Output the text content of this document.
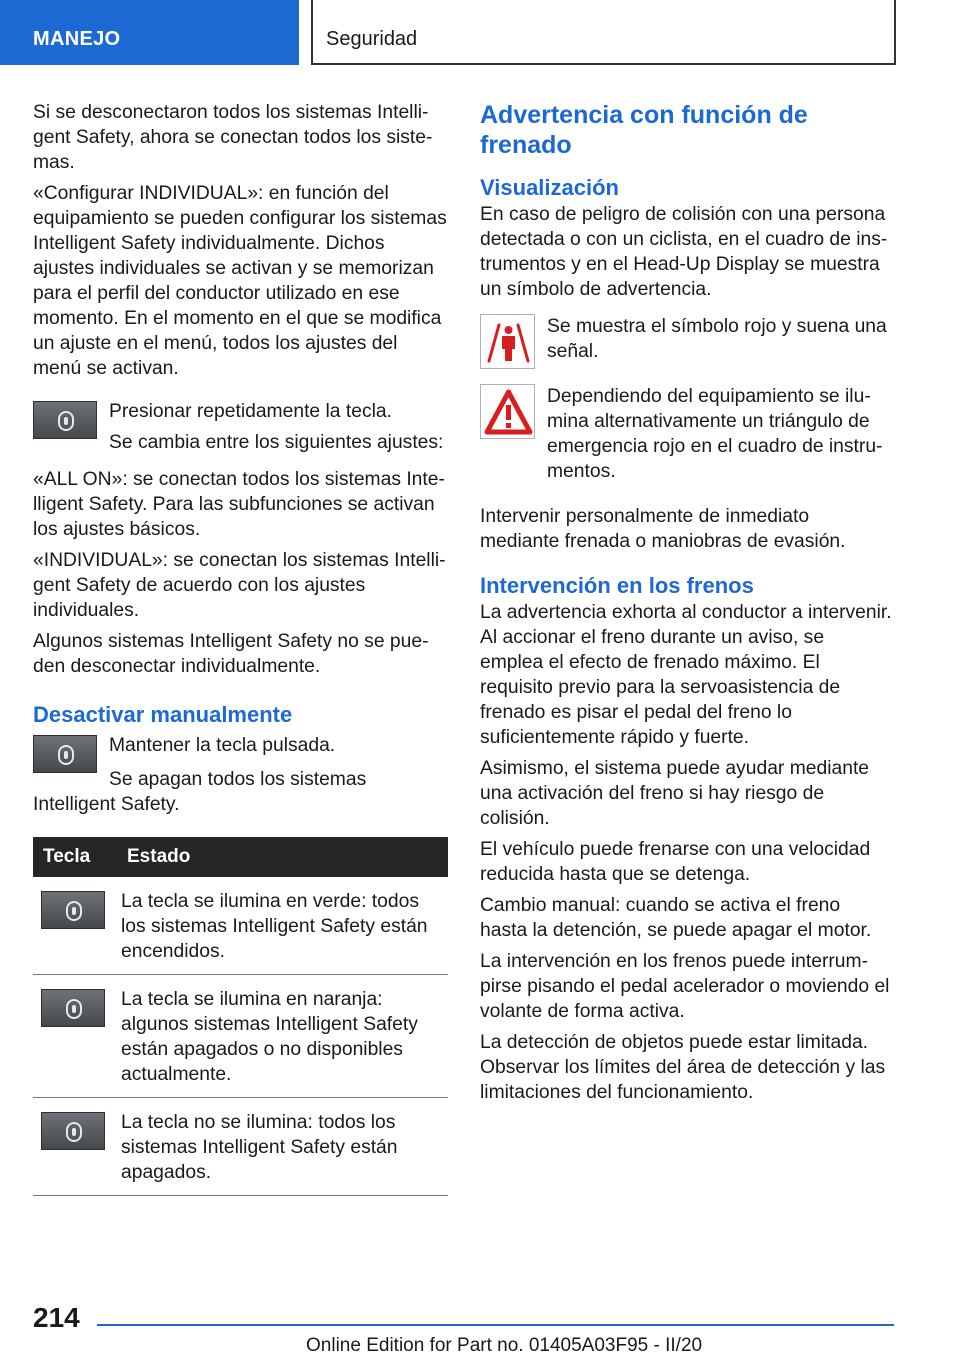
MANEJO	Seguridad

Si se desconectaron todos los sistemas Intelligent Safety, ahora se conectan todos los sistemas.

«Configurar INDIVIDUAL»: en función del equipamiento se pueden configurar los sistemas Intelligent Safety individualmente. Dichos ajustes individuales se activan y se memorizan para el perfil del conductor utilizado en ese momento. En el momento en el que se modifica un ajuste en el menú, todos los ajustes del menú se activan.

Presionar repetidamente la tecla.

Se cambia entre los siguientes ajustes:

«ALL ON»: se conectan todos los sistemas Intelligent Safety. Para las subfunciones se activan los ajustes básicos.

«INDIVIDUAL»: se conectan los sistemas Intelligent Safety de acuerdo con los ajustes individuales.

Algunos sistemas Intelligent Safety no se pueden desconectar individualmente.

Desactivar manualmente

Mantener la tecla pulsada.

Se apagan todos los sistemas Intelligent Safety.

Tecla	Estado

	La tecla se ilumina en verde: todos los sistemas Intelligent Safety están encendidos.

	La tecla se ilumina en naranja: algunos sistemas Intelligent Safety están apagados o no disponibles actualmente.

	La tecla no se ilumina: todos los sistemas Intelligent Safety están apagados.
Advertencia con función de frenado
Visualización

En caso de peligro de colisión con una persona detectada o con un ciclista, en el cuadro de instrumentos y en el Head-Up Display se muestra un símbolo de advertencia.

Se muestra el símbolo rojo y suena una señal.

Dependiendo del equipamiento se ilumina alternativamente un triángulo de emergencia rojo en el cuadro de instrumentos.

Intervenir personalmente de inmediato mediante frenada o maniobras de evasión.

Intervención en los frenos

La advertencia exhorta al conductor a intervenir. Al accionar el freno durante un aviso, se emplea el efecto de frenado máximo. El requisito previo para la servoasistencia de frenado es pisar el pedal del freno lo suficientemente rápido y fuerte.

Asimismo, el sistema puede ayudar mediante una activación del freno si hay riesgo de colisión.

El vehículo puede frenarse con una velocidad reducida hasta que se detenga.

Cambio manual: cuando se activa el freno hasta la detención, se puede apagar el motor.

La intervención en los frenos puede interrumpirse pisando el pedal acelerador o moviendo el volante de forma activa.

La detección de objetos puede estar limitada. Observar los límites del área de detección y las limitaciones del funcionamiento.

214
Online Edition for Part no. 01405A03F95 - II/20
